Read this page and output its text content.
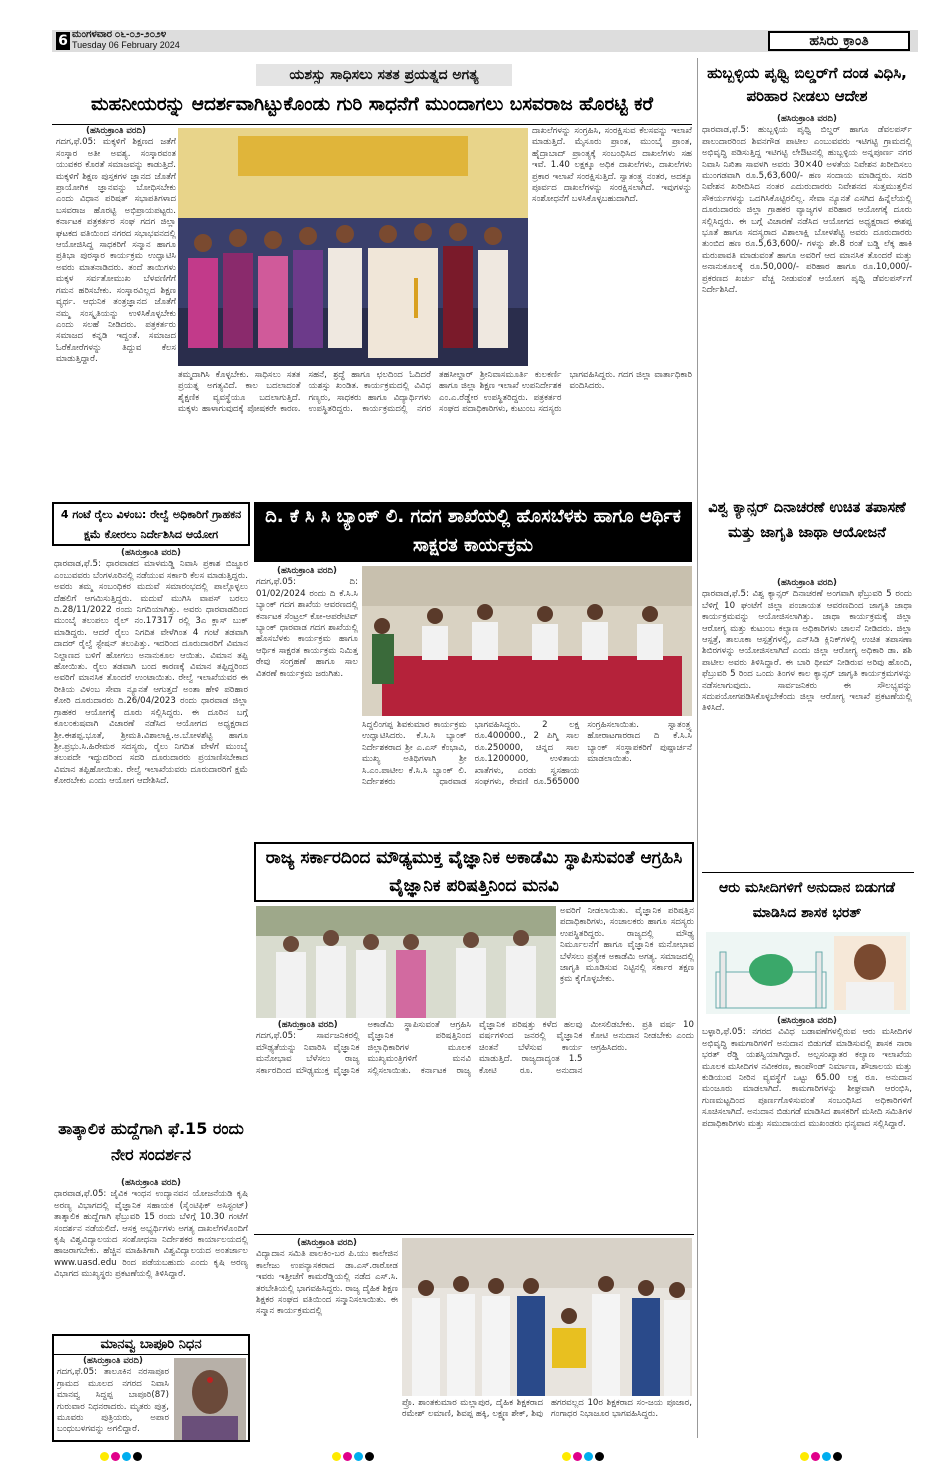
6 ಮಂಗಳವಾರ ೦೬-೦೨-೨೦೨೪
Tuesday 06 February 2024	ಹಸಿರು ಕ್ರಾಂತಿ
ಯಶಸ್ಸು ಸಾಧಿಸಲು ಸತತ ಪ್ರಯತ್ನದ ಅಗತ್ಯ
ಮಹನೀಯರನ್ನು ಆದರ್ಶವಾಗಿಟ್ಟುಕೊಂಡು ಗುರಿ ಸಾಧನೆಗೆ ಮುಂದಾಗಲು ಬಸವರಾಜ ಹೊರಟ್ಟಿ ಕರೆ
(ಹಸಿರುಕ್ರಾಂತಿ ವರದಿ)
ಗದಗ,ಫೆ.05: ಮಕ್ಕಳಿಗೆ ಶಿಕ್ಷಣದ ಜತೆಗೆ ಸಂಸ್ಕಾರ ಅತೀ ಅವಶ್ಯ. ಸಂಸ್ಕಾರವಂತ ಯುವಕರ ಕೊರತೆ ಸಮಾಜವನ್ನು ಕಾಡುತ್ತಿದೆ. ಮಕ್ಕಳಿಗೆ ಶಿಕ್ಷಣ ಪುಸ್ತಕಗಳ ಜ್ಞಾನದ ಜೊತೆಗೆ ಪ್ರಾಯೋಗಿಕ ಜ್ಞಾನವನ್ನು ಬೋಧಿಸಬೇಕು ಎಂದು ವಿಧಾನ ಪರಿಷತ್ ಸಭಾಪತಿಗಳಾದ ಬಸವರಾಜ ಹೊರಟ್ಟಿ ಅಭಿಪ್ರಾಯಪಟ್ಟರು. ಕರ್ನಾಟಕ ಪತ್ರಕರ್ತರ ಸಂಘ ಗದಗ ಜಿಲ್ಲಾ ಘಟಕದ ವತಿಯಿಂದ ನಗರದ ಸಭಾಭವನದಲ್ಲಿ ಆಯೋಜಿಸಿದ್ದ ಸಾಧಕರಿಗೆ ಸನ್ಮಾನ ಹಾಗೂ ಪ್ರತಿಭಾ ಪುರಸ್ಕಾರ ಕಾರ್ಯಕ್ರಮ ಉದ್ಘಾಟಿಸಿ ಅವರು ಮಾತನಾಡಿದರು. ತಂದೆ ತಾಯಿಗಳು ಮಕ್ಕಳ ಸರ್ವತೋಮುಖ ಬೆಳವಣಿಗೆಗೆ ಗಮನ ಹರಿಸಬೇಕು. ಸಂಸ್ಕಾರವಿಲ್ಲದ ಶಿಕ್ಷಣ ವ್ಯರ್ಥ. ಆಧುನಿಕ ತಂತ್ರಜ್ಞಾನದ ಜೊತೆಗೆ ನಮ್ಮ ಸಂಸ್ಕೃತಿಯನ್ನು ಉಳಿಸಿಕೊಳ್ಳಬೇಕು ಎಂದು ಸಲಹೆ ನೀಡಿದರು. ಪತ್ರಕರ್ತರು ಸಮಾಜದ ಕನ್ನಡಿ ಇದ್ದಂತೆ. ಸಮಾಜದ ಓರೆಕೋರೆಗಳನ್ನು ತಿದ್ದುವ ಕೆಲಸ ಮಾಡುತ್ತಿದ್ದಾರೆ.
ದಾಖಲೆಗಳನ್ನು ಸಂಗ್ರಹಿಸಿ, ಸಂರಕ್ಷಿಸುವ ಕೆಲಸವನ್ನು ಇಲಾಖೆ ಮಾಡುತ್ತಿದೆ. ಮೈಸೂರು ಪ್ರಾಂತ, ಮುಂಬೈ ಪ್ರಾಂತ, ಹೈದ್ರಾಬಾದ್ ಪ್ರಾಂತ್ಯಕ್ಕೆ ಸಂಬಂಧಿಸಿದ ದಾಖಲೆಗಳು ಸಹ ಇವೆ. 1.40 ಲಕ್ಷಕ್ಕೂ ಅಧಿಕ ದಾಖಲೆಗಳು, ದಾಖಲೆಗಳು ಪ್ರಕಾರ ಇಲಾಖೆ ಸಂರಕ್ಷಿಸುತ್ತಿದೆ. ಸ್ವಾತಂತ್ರ್ಯ ನಂತರ, ಅದಕ್ಕೂ ಪೂರ್ವದ ದಾಖಲೆಗಳನ್ನು ಸಂರಕ್ಷಿಸಲಾಗಿದೆ. ಇವುಗಳನ್ನು ಸಂಶೋಧನೆಗೆ ಬಳಸಿಕೊಳ್ಳಬಹುದಾಗಿದೆ.
ತಮ್ಮದಾಗಿಸಿ ಕೊಳ್ಳಬೇಕು. ಸಾಧಿಸಲು ಸತತ ಪ್ರಯತ್ನ ಅಗತ್ಯವಿದೆ. ಕಾಲ ಬದಲಾದಂತೆ ಶೈಕ್ಷಣಿಕ ವ್ಯವಸ್ಥೆಯೂ ಬದಲಾಗುತ್ತಿದೆ. ಮಕ್ಕಳು ಹಾಳಾಗುವುದಕ್ಕೆ ಪೋಷಕರೇ ಕಾರಣ. ಸಹನೆ, ಶ್ರದ್ಧೆ ಹಾಗೂ ಛಲದಿಂದ ಓದಿದರೆ ಯಶಸ್ಸು ಖಂಡಿತ. ಕಾರ್ಯಕ್ರಮದಲ್ಲಿ ವಿವಿಧ ಗಣ್ಯರು, ಸಾಧಕರು ಹಾಗೂ ವಿದ್ಯಾರ್ಥಿಗಳು ಉಪಸ್ಥಿತರಿದ್ದರು. ಕಾರ್ಯಕ್ರಮದಲ್ಲಿ ನಗರ ತಹಸೀಲ್ದಾರ್ ಶ್ರೀನಿವಾಸಮೂರ್ತಿ ಕುಲಕರ್ಣಿ ಹಾಗೂ ಜಿಲ್ಲಾ ಶಿಕ್ಷಣ ಇಲಾಖೆ ಉಪನಿರ್ದೇಶಕ ಎಂ.ಎ.ರೆಡ್ಡೇರ ಉಪಸ್ಥಿತರಿದ್ದರು. ಪತ್ರಕರ್ತರ ಸಂಘದ ಪದಾಧಿಕಾರಿಗಳು, ಕುಟುಂಬ ಸದಸ್ಯರು ಭಾಗವಹಿಸಿದ್ದರು. ಗದಗ ಜಿಲ್ಲಾ ವಾರ್ತಾಧಿಕಾರಿ ವಂದಿಸಿದರು.
ಹುಬ್ಬಳ್ಳಿಯ ಪೃಥ್ವಿ ಬಿಲ್ಡರ್‌ಗೆ ದಂಡ ವಿಧಿಸಿ, ಪರಿಹಾರ ನೀಡಲು ಆದೇಶ
(ಹಸಿರುಕ್ರಾಂತಿ ವರದಿ)
ಧಾರವಾಡ,ಫೆ.5: ಹುಬ್ಬಳ್ಳಿಯ ಪೃಥ್ವಿ ಬಿಲ್ಡರ್ ಹಾಗೂ ಡೆವಲಪರ್ಸ್ ಪಾಲುದಾರರಿಂದ ಶಿವನಗೌಡ ಪಾಟೀಲ ಎಂಬುವವರು ಇಟಿಗಟ್ಟಿ ಗ್ರಾಮದಲ್ಲಿ ಅಭಿವೃದ್ಧಿ ಪಡಿಸುತ್ತಿದ್ದ ಇಟಿಗಟ್ಟಿ ಲೇಔಟನಲ್ಲಿ ಹುಬ್ಬಳ್ಳಿಯ ಅನ್ನಪೂರ್ಣ ನಗರ ನಿವಾಸಿ ನಿಖಿತಾ ಸಾವಳಗಿ ಅವರು 30×40 ಅಳತೆಯ ನಿವೇಶನ ಖರೀದಿಸಲು ಮುಂಗಡವಾಗಿ ರೂ.5,63,600/- ಹಣ ಸಂದಾಯ ಮಾಡಿದ್ದರು. ಸದರಿ ನಿವೇಶನ ಖರೀದಿಸಿದ ನಂತರ ಎದುರುದಾರರು ನಿವೇಶನದ ಸುತ್ತಮುತ್ತಲಿನ ಸೌಕರ್ಯಗಳನ್ನು ಒದಗಿಸಿಕೊಟ್ಟಿರಲಿಲ್ಲ. ಸೇವಾ ನ್ಯೂನತೆ ಎಸಗಿದ ಹಿನ್ನೆಲೆಯಲ್ಲಿ ದೂರುದಾರರು ಜಿಲ್ಲಾ ಗ್ರಾಹಕರ ವ್ಯಾಜ್ಯಗಳ ಪರಿಹಾರ ಆಯೋಗಕ್ಕೆ ದೂರು ಸಲ್ಲಿಸಿದ್ದರು. ಈ ಬಗ್ಗೆ ವಿಚಾರಣೆ ನಡೆಸಿದ ಆಯೋಗದ ಅಧ್ಯಕ್ಷರಾದ ಈಶಪ್ಪ ಭೂತೆ ಹಾಗೂ ಸದಸ್ಯರಾದ ವಿಶಾಲಾಕ್ಷಿ ಬೋಳಶೆಟ್ಟಿ ಅವರು ದೂರುದಾರರು ತುಂಬಿದ ಹಣ ರೂ.5,63,600/- ಗಳನ್ನು ಶೇ.8 ರಂತೆ ಬಡ್ಡಿ ಲೆಕ್ಕ ಹಾಕಿ ಮರುಪಾವತಿ ಮಾಡುವಂತೆ ಹಾಗೂ ಅವರಿಗೆ ಆದ ಮಾನಸಿಕ ತೊಂದರೆ ಮತ್ತು ಅನಾನುಕೂಲಕ್ಕೆ ರೂ.50,000/- ಪರಿಹಾರ ಹಾಗೂ ರೂ.10,000/- ಪ್ರಕರಣದ ಖರ್ಚು ವೆಚ್ಚ ನೀಡುವಂತೆ ಆಯೋಗ ಪೃಥ್ವಿ ಡೆವಲಪರ್ಸ್‌ಗೆ ನಿರ್ದೇಶಿಸಿದೆ.
4 ಗಂಟೆ ರೈಲು ವಿಳಂಬ: ರೇಲ್ವೆ ಅಧಿಕಾರಿಗೆ ಗ್ರಾಹಕನ ಕ್ಷಮೆ ಕೋರಲು ನಿರ್ದೇಶಿಸಿದ ಆಯೋಗ
(ಹಸಿರುಕ್ರಾಂತಿ ವರದಿ)
ಧಾರವಾಡ,ಫೆ.5: ಧಾರವಾಡದ ಮಾಳಮಡ್ಡಿ ನಿವಾಸಿ ಪ್ರಕಾಶ ಬಿಜ್ಜೂರ ಎಂಬುವವರು ಬೆಂಗಳೂರಿನಲ್ಲಿ ನಡೆಯುವ ಸರ್ಕಾರಿ ಕೆಲಸ ಮಾಡುತ್ತಿದ್ದರು. ಅವರು ತಮ್ಮ ಸಂಬಂಧಿಕರ ಮದುವೆ ಸಮಾರಂಭದಲ್ಲಿ ಪಾಲ್ಗೊಳ್ಳಲು ದೆಹಲಿಗೆ ಆಗಮಿಸುತ್ತಿದ್ದರು. ಮದುವೆ ಮುಗಿಸಿ ವಾಪಸ್ ಬರಲು ದಿ.28/11/2022 ರಂದು ನಿಗದಿಯಾಗಿತ್ತು. ಅವರು ಧಾರವಾಡದಿಂದ ಮುಂಬೈ ತಲುಪಲು ರೈಲ್ ನಂ.17317 ರಲ್ಲಿ 3ಎ ಕ್ಲಾಸ್ ಬುಕ್ ಮಾಡಿದ್ದರು. ಆದರೆ ರೈಲು ನಿಗದಿತ ವೇಳೆಗಿಂತ 4 ಗಂಟೆ ತಡವಾಗಿ ದಾದರ್ ರೈಲ್ವೆ ಸ್ಟೇಷನ್ ತಲುಪಿತ್ತು. ಇದರಿಂದ ದೂರುದಾರರಿಗೆ ವಿಮಾನ ನಿಲ್ದಾಣದ ಬಳಿಗೆ ಹೋಗಲು ಅನಾನುಕೂಲ ಆಯಿತು. ವಿಮಾನ ತಪ್ಪಿ ಹೋಯಿತು. ರೈಲು ತಡವಾಗಿ ಬಂದ ಕಾರಣಕ್ಕೆ ವಿಮಾನ ತಪ್ಪಿದ್ದರಿಂದ ಅವರಿಗೆ ಮಾನಸಿಕ ತೊಂದರೆ ಉಂಟಾಯಿತು. ರೇಲ್ವೆ ಇಲಾಖೆಯವರ ಈ ರೀತಿಯ ವಿಳಂಬ ಸೇವಾ ನ್ಯೂನತೆ ಆಗುತ್ತದೆ ಅಂತಾ ಹೇಳಿ ಪರಿಹಾರ ಕೋರಿ ದೂರುದಾರರು ದಿ.26/04/2023 ರಂದು ಧಾರವಾಡ ಜಿಲ್ಲಾ ಗ್ರಾಹಕರ ಆಯೋಗಕ್ಕೆ ದೂರು ಸಲ್ಲಿಸಿದ್ದರು. ಈ ದೂರಿನ ಬಗ್ಗೆ ಕೂಲಂಕುಷವಾಗಿ ವಿಚಾರಣೆ ನಡೆಸಿದ ಆಯೋಗದ ಅಧ್ಯಕ್ಷರಾದ ಶ್ರೀ.ಈಶಪ್ಪ.ಭೂತೆ, ಶ್ರೀಮತಿ.ವಿಶಾಲಾಕ್ಷಿ.ಅ.ಬೋಳಶೆಟ್ಟಿ ಹಾಗೂ ಶ್ರೀ.ಪ್ರಭು.ಸಿ.ಹಿರೇಮಠ ಸದಸ್ಯರು, ರೈಲು ನಿಗದಿತ ವೇಳೆಗೆ ಮುಂಬೈ ತಲುಪದೇ ಇದ್ದುದರಿಂದ ಸದರಿ ದೂರುದಾರರು ಪ್ರಯಾಣಿಸಬೇಕಾದ ವಿಮಾನ ತಪ್ಪಿಹೋಯಿತು. ರೇಲ್ವೆ ಇಲಾಖೆಯವರು ದೂರುದಾರರಿಗೆ ಕ್ಷಮೆ ಕೋರಬೇಕು ಎಂದು ಆಯೋಗ ಆದೇಶಿಸಿದೆ.
ತಾತ್ಕಾಲಿಕ ಹುದ್ದೆಗಾಗಿ ಫೆ.15 ರಂದು ನೇರ ಸಂದರ್ಶನ
(ಹಸಿರುಕ್ರಾಂತಿ ವರದಿ)
ಧಾರವಾಡ,ಫೆ.05: ಜೈವಿಕ ಇಂಧನ ಉದ್ಯಾನವನ ಯೋಜನೆಯಡಿ ಕೃಷಿ ಅರಣ್ಯ ವಿಭಾಗದಲ್ಲಿ ವೈಜ್ಞಾನಿಕ ಸಹಾಯಕ (ಸೈಂಟಿಫಿಕ್ ಅಸಿಸ್ಟಂಟ್) ತಾತ್ಕಾಲಿಕ ಹುದ್ದೆಗಾಗಿ ಫೆಬ್ರುವರಿ 15 ರಂದು ಬೆಳಿಗ್ಗೆ 10.30 ಗಂಟೆಗೆ ಸಂದರ್ಶನ ನಡೆಯಲಿದೆ. ಆಸಕ್ತ ಅಭ್ಯರ್ಥಿಗಳು ಅಗತ್ಯ ದಾಖಲೆಗಳೊಂದಿಗೆ ಕೃಷಿ ವಿಶ್ವವಿದ್ಯಾಲಯದ ಸಂಶೋಧನಾ ನಿರ್ದೇಶಕರ ಕಾರ್ಯಾಲಯದಲ್ಲಿ ಹಾಜರಾಗಬೇಕು. ಹೆಚ್ಚಿನ ಮಾಹಿತಿಗಾಗಿ ವಿಶ್ವವಿದ್ಯಾಲಯದ ಅಂತರ್ಜಾಲ www.uasd.edu ರಿಂದ ಪಡೆಯಬಹುದು ಎಂದು ಕೃಷಿ ಅರಣ್ಯ ವಿಭಾಗದ ಮುಖ್ಯಸ್ಥರು ಪ್ರಕಟಣೆಯಲ್ಲಿ ತಿಳಿಸಿದ್ದಾರೆ.
ಮಾನವ್ವ ಬಾಪೂರಿ ನಿಧನ
(ಹಸಿರುಕ್ರಾಂತಿ ವರದಿ)
ಗದಗ,ಫೆ.05: ತಾಲೂಕಿನ ನರಸಾಪೂರ ಗ್ರಾಮದ ಮೂಲದ ನಗರದ ನಿವಾಸಿ ಮಾನವ್ವ ಸಿದ್ದಪ್ಪ ಬಾಪೂರಿ(87) ಗುರುವಾರ ನಿಧನರಾದರು. ಮೃತರು ಪುತ್ರ, ಮೂವರು ಪುತ್ರಿಯರು, ಅಪಾರ ಬಂಧುಬಳಗವನ್ನು ಅಗಲಿದ್ದಾರೆ.
ದಿ. ಕೆ ಸಿ ಸಿ ಬ್ಯಾಂಕ್ ಲಿ. ಗದಗ ಶಾಖೆಯಲ್ಲಿ ಹೊಸಬೆಳಕು ಹಾಗೂ ಆರ್ಥಿಕ ಸಾಕ್ಷರತ ಕಾರ್ಯಕ್ರಮ
(ಹಸಿರುಕ್ರಾಂತಿ ವರದಿ)
ಗದಗ,ಫೆ.05: ದಿ: 01/02/2024 ರಂದು ದಿ ಕೆ.ಸಿ.ಸಿ ಬ್ಯಾಂಕ್ ಗದಗ ಶಾಖೆಯ ಆವರಣದಲ್ಲಿ ಕರ್ನಾಟಕ ಸೆಂಟ್ರಲ್ ಕೋ-ಆಪರೇಟಿವ್ ಬ್ಯಾಂಕ್ ಧಾರವಾಡ ಗದಗ ಶಾಖೆಯಲ್ಲಿ ಹೊಸಬೆಳಕು ಕಾರ್ಯಕ್ರಮ ಹಾಗೂ ಆರ್ಥಿಕ ಸಾಕ್ಷರತ ಕಾರ್ಯಕ್ರಮ ನಿಮಿತ್ತ ಠೇವು ಸಂಗ್ರಹಣೆ ಹಾಗೂ ಸಾಲ ವಿತರಣೆ ಕಾರ್ಯಕ್ರಮ ಜರುಗಿತು.
ಸಿದ್ದಲಿಂಗಪ್ಪ ಶಿವಕುಮಾರ ಕಾರ್ಯಕ್ರಮ ಉದ್ಘಾಟಿಸಿದರು. ಕೆ.ಸಿ.ಸಿ ಬ್ಯಾಂಕ್ ನಿರ್ದೇಶಕರಾದ ಶ್ರೀ ಎ.ಎಸ್ ಕೆಂಭಾವಿ, ಮುಖ್ಯ ಅತಿಥಿಗಳಾಗಿ ಶ್ರೀ ಸಿ.ಎಂ.ಪಾಟೀಲ ಕೆ.ಸಿ.ಸಿ ಬ್ಯಾಂಕ್ ಲಿ. ನಿರ್ದೇಶಕರು ಧಾರವಾಡ ಭಾಗವಹಿಸಿದ್ದರು. 2 ಲಕ್ಷ ರೂ.400000., 2 ಪಿಗ್ಮಿ ಸಾಲ ರೂ.250000, ಚಿನ್ನದ ಸಾಲ ರೂ.1200000, ಉಳಿತಾಯ ಖಾತೆಗಳು, ಎರಡು ಸ್ವಸಹಾಯ ಸಂಘಗಳು, ಠೇವಣಿ ರೂ.565000 ಸಂಗ್ರಹಿಸಲಾಯಿತು. ಸ್ವಾತಂತ್ರ್ಯ ಹೋರಾಟಗಾರರಾದ ದಿ ಕೆ.ಸಿ.ಸಿ ಬ್ಯಾಂಕ್ ಸಂಸ್ಥಾಪಕರಿಗೆ ಪುಷ್ಪಾರ್ಚನೆ ಮಾಡಲಾಯಿತು.
ವಿಶ್ವ ಕ್ಯಾನ್ಸರ್ ದಿನಾಚರಣೆ ಉಚಿತ ತಪಾಸಣೆ ಮತ್ತು ಜಾಗೃತಿ ಜಾಥಾ ಆಯೋಜನೆ
(ಹಸಿರುಕ್ರಾಂತಿ ವರದಿ)
ಧಾರವಾಡ,ಫೆ.5: ವಿಶ್ವ ಕ್ಯಾನ್ಸರ್ ದಿನಾಚರಣೆ ಅಂಗವಾಗಿ ಫೆಬ್ರುವರಿ 5 ರಂದು ಬೆಳಿಗ್ಗೆ 10 ಘಂಟೆಗೆ ಜಿಲ್ಲಾ ಪಂಚಾಯತ ಆವರಣದಿಂದ ಜಾಗೃತಿ ಜಾಥಾ ಕಾರ್ಯಕ್ರಮವನ್ನು ಆಯೋಜಿಸಲಾಗಿತ್ತು. ಜಾಥಾ ಕಾರ್ಯಕ್ರಮಕ್ಕೆ ಜಿಲ್ಲಾ ಆರೋಗ್ಯ ಮತ್ತು ಕುಟುಂಬ ಕಲ್ಯಾಣ ಅಧಿಕಾರಿಗಳು ಚಾಲನೆ ನೀಡಿದರು. ಜಿಲ್ಲಾ ಆಸ್ಪತ್ರೆ, ತಾಲೂಕಾ ಆಸ್ಪತ್ರೆಗಳಲ್ಲಿ, ಎನ್‌ಸಿಡಿ ಕ್ಲಿನಿಕ್‌ಗಳಲ್ಲಿ ಉಚಿತ ತಪಾಸಣಾ ಶಿಬಿರಗಳನ್ನು ಆಯೋಜಿಸಲಾಗಿದೆ ಎಂದು ಜಿಲ್ಲಾ ಆರೋಗ್ಯ ಅಧಿಕಾರಿ ಡಾ. ಶಶಿ ಪಾಟೀಲ ಅವರು ತಿಳಿಸಿದ್ದಾರೆ. ಈ ಬಾರಿ ಥೀಮ್ ನೀಡಿರುವ ಅರಿವು ಹೊಂದಿ, ಫೆಬ್ರುವರಿ 5 ರಿಂದ ಒಂದು ತಿಂಗಳ ಕಾಲ ಕ್ಯಾನ್ಸರ್ ಜಾಗೃತಿ ಕಾರ್ಯಕ್ರಮಗಳನ್ನು ನಡೆಸಲಾಗುವುದು. ಸಾರ್ವಜನಿಕರು ಈ ಸೌಲಭ್ಯವನ್ನು ಸದುಪಯೋಗಪಡಿಸಿಕೊಳ್ಳಬೇಕೆಂದು ಜಿಲ್ಲಾ ಆರೋಗ್ಯ ಇಲಾಖೆ ಪ್ರಕಟಣೆಯಲ್ಲಿ ತಿಳಿಸಿದೆ.
ಆರು ಮಸೀದಿಗಳಿಗೆ ಅನುದಾನ ಬಿಡುಗಡೆ ಮಾಡಿಸಿದ ಶಾಸಕ ಭರತ್
(ಹಸಿರುಕ್ರಾಂತಿ ವರದಿ)
ಬಳ್ಳಾರಿ,ಫೆ.05: ನಗರದ ವಿವಿಧ ಬಡಾವಣೆಗಳಲ್ಲಿರುವ ಆರು ಮಸೀದಿಗಳ ಅಭಿವೃದ್ಧಿ ಕಾಮಗಾರಿಗಳಿಗೆ ಅನುದಾನ ಬಿಡುಗಡೆ ಮಾಡಿಸುವಲ್ಲಿ ಶಾಸಕ ನಾರಾ ಭರತ್ ರೆಡ್ಡಿ ಯಶಸ್ವಿಯಾಗಿದ್ದಾರೆ. ಅಲ್ಪಸಂಖ್ಯಾತರ ಕಲ್ಯಾಣ ಇಲಾಖೆಯ ಮೂಲಕ ಮಸೀದಿಗಳ ನವೀಕರಣ, ಕಾಂಪೌಂಡ್ ನಿರ್ಮಾಣ, ಶೌಚಾಲಯ ಮತ್ತು ಕುಡಿಯುವ ನೀರಿನ ವ್ಯವಸ್ಥೆಗೆ ಒಟ್ಟು 65.00 ಲಕ್ಷ ರೂ. ಅನುದಾನ ಮಂಜೂರು ಮಾಡಲಾಗಿದೆ. ಕಾಮಗಾರಿಗಳನ್ನು ಶೀಘ್ರವಾಗಿ ಆರಂಭಿಸಿ, ಗುಣಮಟ್ಟದಿಂದ ಪೂರ್ಣಗೊಳಿಸುವಂತೆ ಸಂಬಂಧಿಸಿದ ಅಧಿಕಾರಿಗಳಿಗೆ ಸೂಚಿಸಲಾಗಿದೆ. ಅನುದಾನ ಬಿಡುಗಡೆ ಮಾಡಿಸಿದ ಶಾಸಕರಿಗೆ ಮಸೀದಿ ಸಮಿತಿಗಳ ಪದಾಧಿಕಾರಿಗಳು ಮತ್ತು ಸಮುದಾಯದ ಮುಖಂಡರು ಧನ್ಯವಾದ ಸಲ್ಲಿಸಿದ್ದಾರೆ.
ರಾಜ್ಯ ಸರ್ಕಾರದಿಂದ ಮೌಢ್ಯಮುಕ್ತ ವೈಜ್ಞಾನಿಕ ಅಕಾಡೆಮಿ ಸ್ಥಾಪಿಸುವಂತೆ ಆಗ್ರಹಿಸಿ ವೈಜ್ಞಾನಿಕ ಪರಿಷತ್ತಿನಿಂದ ಮನವಿ
ಅವರಿಗೆ ನೀಡಲಾಯಿತು. ವೈಜ್ಞಾನಿಕ ಪರಿಷತ್ತಿನ ಪದಾಧಿಕಾರಿಗಳು, ಸಂಚಾಲಕರು ಹಾಗೂ ಸದಸ್ಯರು ಉಪಸ್ಥಿತರಿದ್ದರು. ರಾಜ್ಯದಲ್ಲಿ ಮೌಢ್ಯ ನಿರ್ಮೂಲನೆಗೆ ಹಾಗೂ ವೈಜ್ಞಾನಿಕ ಮನೋಭಾವ ಬೆಳೆಸಲು ಪ್ರತ್ಯೇಕ ಅಕಾಡೆಮಿ ಅಗತ್ಯ. ಸಮಾಜದಲ್ಲಿ ಜಾಗೃತಿ ಮೂಡಿಸುವ ನಿಟ್ಟಿನಲ್ಲಿ ಸರ್ಕಾರ ತಕ್ಷಣ ಕ್ರಮ ಕೈಗೊಳ್ಳಬೇಕು.
(ಹಸಿರುಕ್ರಾಂತಿ ವರದಿ)
ಗದಗ,ಫೆ.05: ಸಾರ್ವಜನಿಕರಲ್ಲಿ ಮೌಢ್ಯತೆಯನ್ನು ನಿವಾರಿಸಿ ವೈಜ್ಞಾನಿಕ ಮನೋಭಾವ ಬೆಳೆಸಲು ರಾಜ್ಯ ಸರ್ಕಾರದಿಂದ ಮೌಢ್ಯಮುಕ್ತ ವೈಜ್ಞಾನಿಕ ಅಕಾಡೆಮಿ ಸ್ಥಾಪಿಸುವಂತೆ ಆಗ್ರಹಿಸಿ ವೈಜ್ಞಾನಿಕ ಪರಿಷತ್ತಿನಿಂದ ಜಿಲ್ಲಾಧಿಕಾರಿಗಳ ಮೂಲಕ ಮುಖ್ಯಮಂತ್ರಿಗಳಿಗೆ ಮನವಿ ಸಲ್ಲಿಸಲಾಯಿತು. ಕರ್ನಾಟಕ ರಾಜ್ಯ ವೈಜ್ಞಾನಿಕ ಪರಿಷತ್ತು ಕಳೆದ ಹಲವು ವರ್ಷಗಳಿಂದ ಜನರಲ್ಲಿ ವೈಜ್ಞಾನಿಕ ಚಿಂತನೆ ಬೆಳೆಸುವ ಕಾರ್ಯ ಮಾಡುತ್ತಿದೆ. ರಾಜ್ಯದಾದ್ಯಂತ 1.5 ಕೋಟಿ ರೂ. ಅನುದಾನ ಮೀಸಲಿಡಬೇಕು. ಪ್ರತಿ ವರ್ಷ 10 ಕೋಟಿ ಅನುದಾನ ನೀಡಬೇಕು ಎಂದು ಆಗ್ರಹಿಸಿದರು.
(ಹಸಿರುಕ್ರಾಂತಿ ವರದಿ)
ವಿದ್ಯಾದಾನ ಸಮಿತಿ ಪಾಲಕಿಂ-ಬರ ಪಿ.ಯು ಕಾಲೇಜಿನ ಕಾಲೇಜು ಉಪನ್ಯಾಸಕರಾದ ಡಾ.ಎಸ್.ರಾಠೋಡ ಇವರು ಇತ್ತೀಚೆಗೆ ಕಾಮರೆಡ್ಡಿಯಲ್ಲಿ ನಡೆದ ಎಸ್.ಸಿ. ತರಬೇತಿಯಲ್ಲಿ ಭಾಗವಹಿಸಿದ್ದರು. ರಾಜ್ಯ ದೈಹಿಕ ಶಿಕ್ಷಣ ಶಿಕ್ಷಕರ ಸಂಘದ ವತಿಯಿಂದ ಸನ್ಮಾನಿಸಲಾಯಿತು. ಈ ಸನ್ಮಾನ ಕಾರ್ಯಕ್ರಮದಲ್ಲಿ
ಪ್ರೊ. ಶಾಂತಕುಮಾರ ಮಲ್ಲಾಪುರ, ದೈಹಿಕ ಶಿಕ್ಷಕರಾದ ರಮೇಶ್ ಲಮಾಣಿ, ಶಿವಪ್ಪ ಹಕ್ಕಿ, ಲಕ್ಷ್ಮಣ ಶೇಕ್, ಶಿವು ಹಗರವಲ್ಲದ 10ರ ಶಿಕ್ಷಕರಾದ ಸಂ-ಜಯ ಪೂಜಾರ, ಗಂಗಾಧರ ನಿಭಾಜೂರ ಭಾಗವಹಿಸಿದ್ದರು.
